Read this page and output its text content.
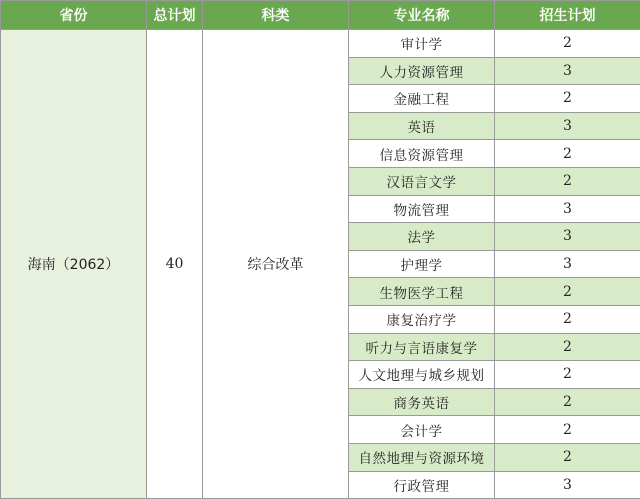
省份	总计划	科类	专业名称	招生计划
海南（2062）	40	综合改革	审计学	2
			人力资源管理	3
			金融工程	2
			英语	3
			信息资源管理	2
			汉语言文学	2
			物流管理	3
			法学	3
			护理学	3
			生物医学工程	2
			康复治疗学	2
			听力与言语康复学	2
			人文地理与城乡规划	2
			商务英语	2
			会计学	2
			自然地理与资源环境	2
			行政管理	3
